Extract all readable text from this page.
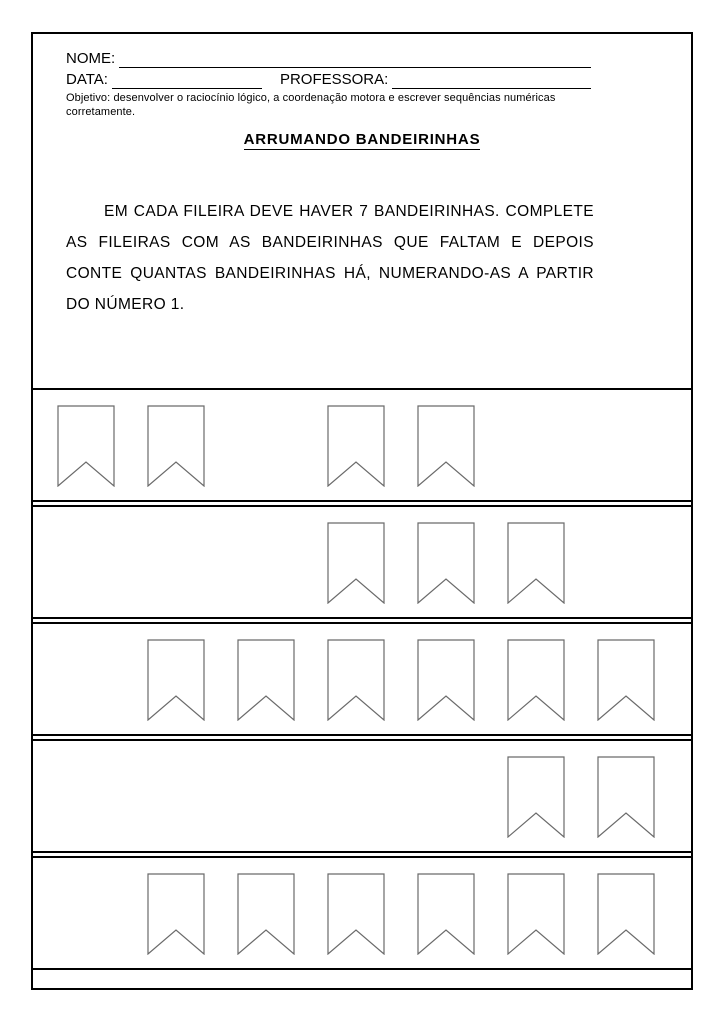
NOME:
DATA:	PROFESSORA:
Objetivo: desenvolver o raciocínio lógico, a coordenação motora e escrever sequências numéricas corretamente.
ARRUMANDO BANDEIRINHAS
EM CADA FILEIRA DEVE HAVER 7 BANDEIRINHAS. COMPLETE AS FILEIRAS COM AS BANDEIRINHAS QUE FALTAM E DEPOIS CONTE QUANTAS BANDEIRINHAS HÁ, NUMERANDO-AS A PARTIR DO NÚMERO 1.
